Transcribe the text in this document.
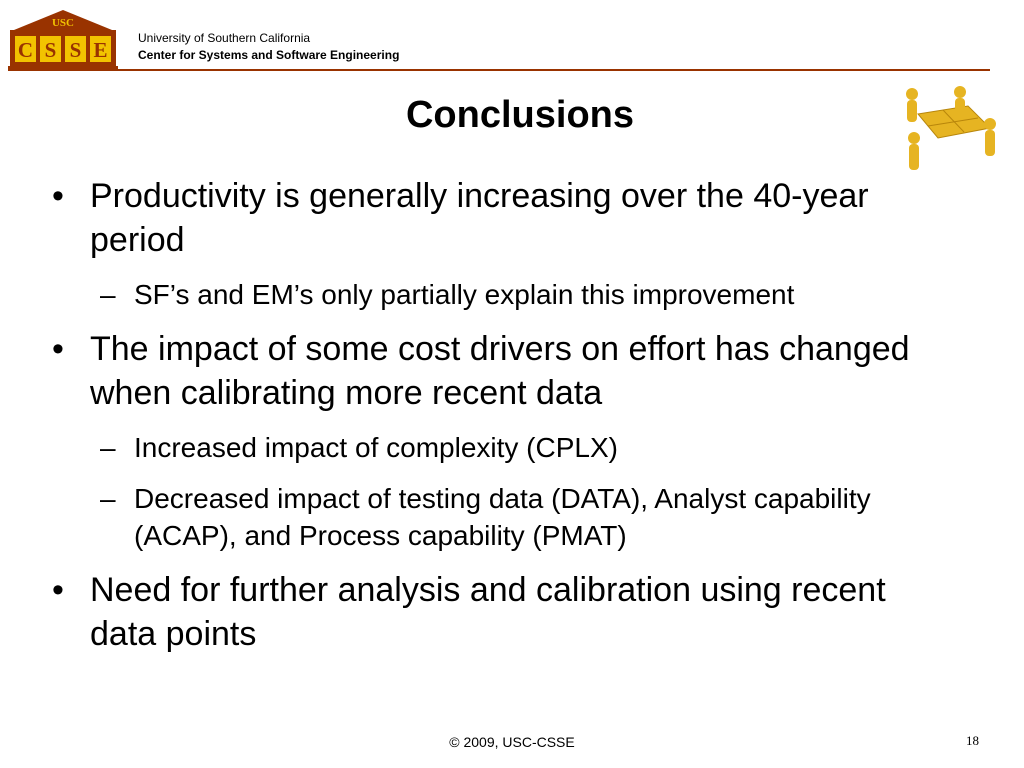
USC
C S S E	University of Southern California
Center for Systems and Software Engineering
Conclusions
• Productivity is generally increasing over the 40-year period
– SF’s and EM’s only partially explain this improvement
• The impact of some cost drivers on effort has changed when calibrating more recent data
– Increased impact of complexity (CPLX)
– Decreased impact of testing data (DATA), Analyst capability (ACAP), and Process capability (PMAT)
• Need for further analysis and calibration using recent data points
© 2009, USC-CSSE	18
